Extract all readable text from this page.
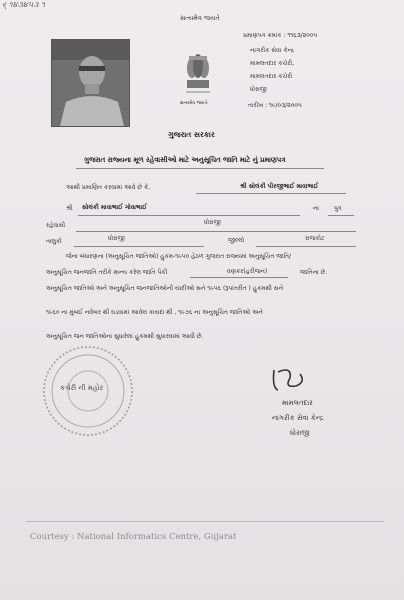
ર્ ૧૪૩૪૫૩ ૧
સત્યમેવ જયતે
પ્રમાણપત્ર ક્રમાંક : ૧૧૬૩/૨૦૦૫
નાગરીક સેવા કેન્દ્ર
મામલતદાર કચેરી,
મામલતદાર કચેરી
ધોરાજી
તારીખ : ૧૯/૦૩/૨૦૦૫
સત્યમેવ જયતે
ગુજરાત સરકાર
ગુજરાત રાજ્યના મૂળ રહેવાસીઓ માટે અનુસૂચિત જાતિ માટે નું પ્રમાણપત્ર
આથી પ્રમાણિત કરવામાં આવે છે કે,	શ્રી સોલંકી પીરજીભાઈ માવાભાઈ
શ્રી સોલંકી માવાભાઈ ગોવાભાઈ	ના	પુત્ર
રહેવાસી	ધોરાજી
તાલુકો	ધોરાજી	જીલ્લો	રાજકોટ
જેના બંધારણના (અનુસૂચિત જાતિઓ) હુકમ-૧૯૫૦ હેઠળ ગુજરાત રાજ્યમાં અનુસૂચિત જાતિ/
અનુસૂચિત જનજાતિ તરીકે માન્ય કરેલ જાતિ પૈકી	વણકર(હરીજન)	જાતિના છે.
અનુસૂચિત જાતિઓ અને અનુસૂચિત જનજાતિઓની યાદીઓ સને ૧૯૫૬ (રૂપાંતરીત ) હુકમથી સને
૧૯૬૦ ના મુંબઈ નવેંબર થી ઘડવામાં આવેલ કાયદા થી , ૧૯૭૬ ના અનુસૂચિત જાતિઓ અને
અનુસૂચિત જન જાતિઓના સુધારેલા હુકમથી સુધારવામાં આવી છે.
કચેરી ની મહોર
મામલતદાર
નાગરીક સેવા કેન્દ્ર
ધોરાજી
Courtesy : National Informatics Centre, Gujarat
